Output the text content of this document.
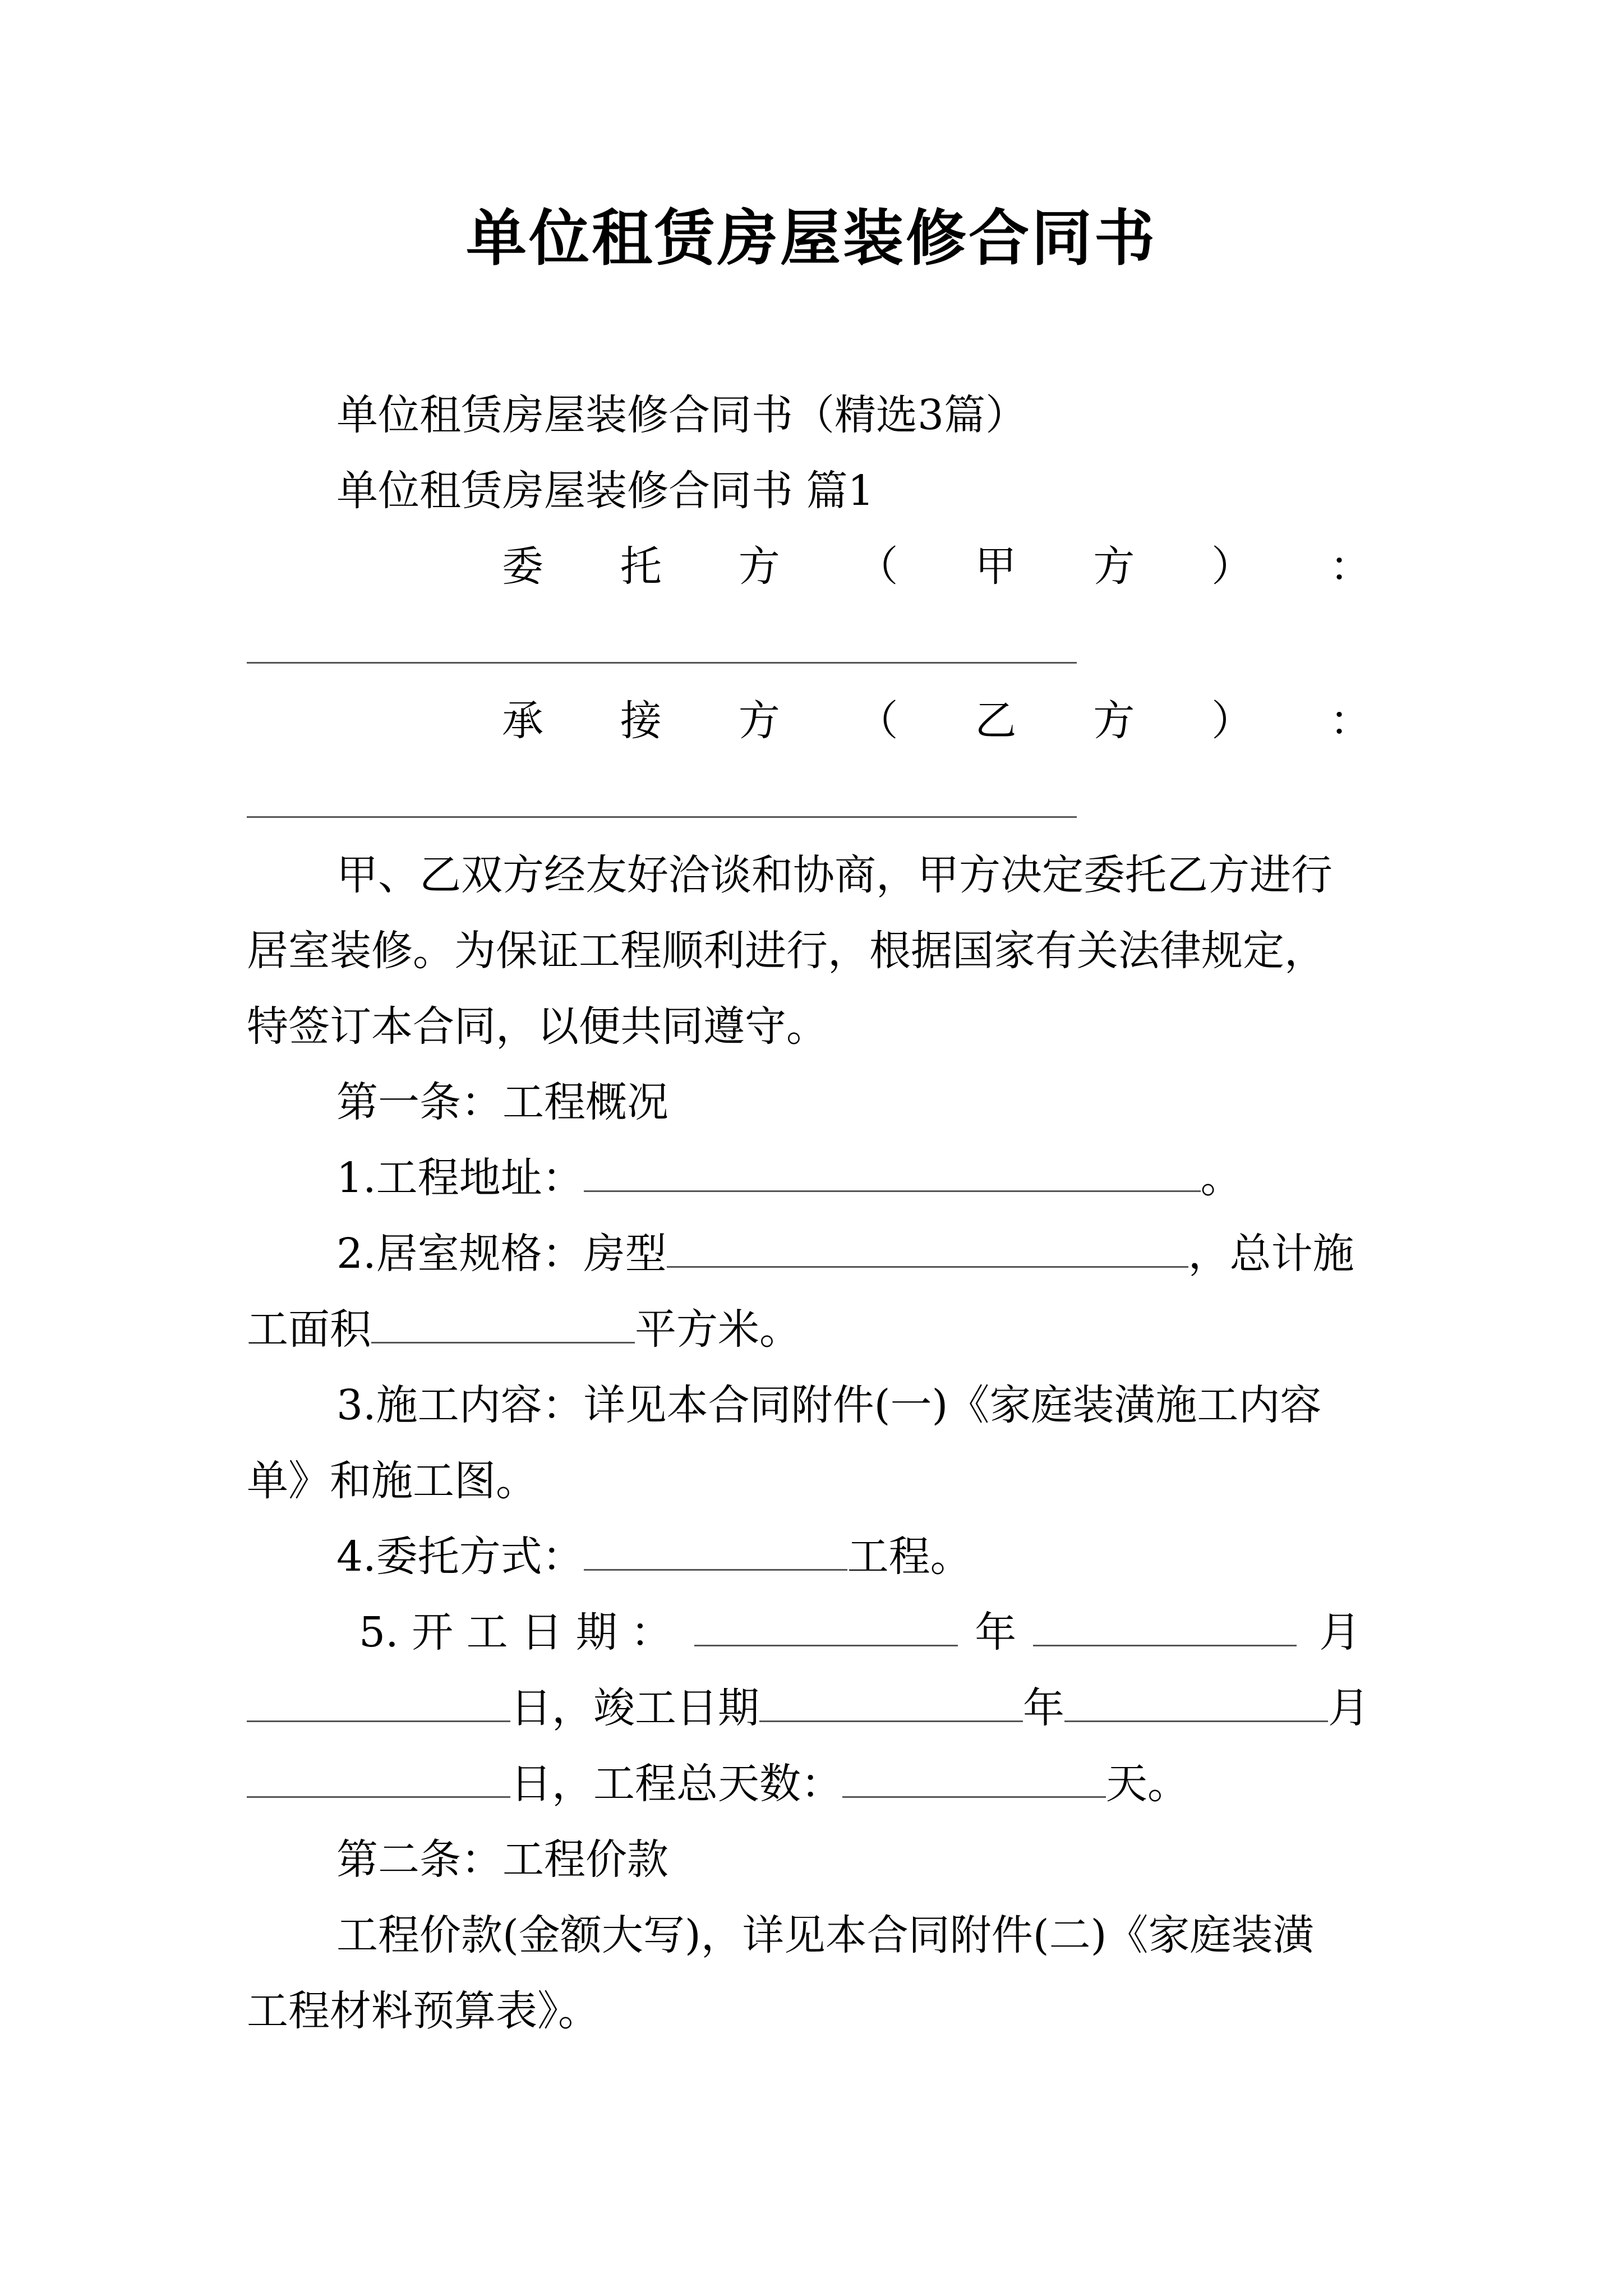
单位租赁房屋装修合同书
单位租赁房屋装修合同书（精选3篇）
单位租赁房屋装修合同书 篇1
委 托 方 （ 甲 方 ） ：
承 接 方 （ 乙 方 ） ：
甲、乙双方经友好洽谈和协商，甲方决定委托乙方进行
居室装修。为保证工程顺利进行，根据国家有关法律规定，
特签订本合同，以便共同遵守。
第一条：工程概况
1.工程地址：	。
2.居室规格：房型	，总计施
工面积	平方米。
3.施工内容：详见本合同附件(一)《家庭装潢施工内容
单》和施工图。
4.委托方式：	工程。
5. 开 工 日 期 ：	年	月
日，竣工日期	年	月
日，工程总天数：	天。
第二条：工程价款
工程价款(金额大写)，详见本合同附件(二)《家庭装潢
工程材料预算表》。
